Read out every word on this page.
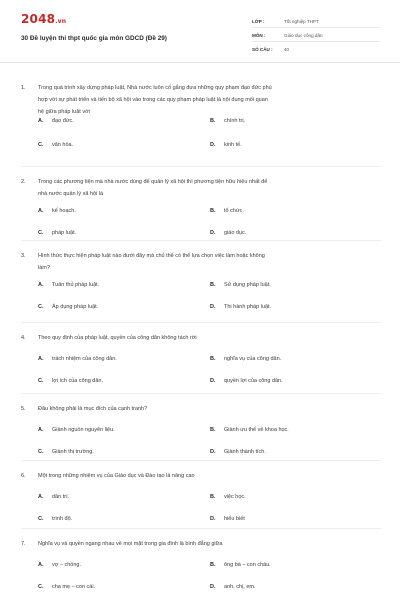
2048.vn
30 Đề luyện thi thpt quốc gia môn GDCD (Đề 29)
LỚP :	Tốt nghiệp THPT
MÔN :	Giáo dục công dân
SỐ CÂU :	40
1.	Trong quá trình xây dựng pháp luật, Nhà nước luôn cố gắng đưa những quy phạm đạo đức phù
hợp với sự phát triển và tiến bộ xã hội vào trong các quy phạm pháp luật là nội dung mối quan
hệ giữa pháp luật với
A. đạo đức.	B. chính trị.
C. văn hóa.	D. kinh tế.
2.	Trong các phương tiện mà nhà nước dùng để quản lý xã hội thì phương tiện hữu hiệu nhất để
nhà nước quản lý xã hội là
A. kế hoạch.	B. tổ chức.
C. pháp luật.	D. giáo dục.
3.	Hình thức thực hiện pháp luật nào dưới đây mà chủ thể có thể lựa chọn việc làm hoặc không
làm?
A. Tuân thủ pháp luật.	B. Sử dụng pháp luật.
C. Áp dụng pháp luật.	D. Thi hành pháp luật.
4.	Theo quy định của pháp luật, quyền của công dân không tách rời
A. trách nhiệm của công dân.	B. nghĩa vụ của công dân.
C. lợi ích của công dân.	D. quyền lợi của công dân.
5.	Đâu không phải là mục đích của cạnh tranh?
A. Giành nguồn nguyên liệu.	B. Giành ưu thế về khoa học.
C. Giành thị trường.	D. Giành thành tích.
6.	Một trong những nhiệm vụ của Giáo dục và Đào tạo là nâng cao
A. dân trí.	B. việc học.
C. trình độ.	D. hiểu biết
7.	Nghĩa vụ và quyền ngang nhau về mọi mặt trong gia đình là bình đẳng giữa
A. vợ – chồng.	B. ông bà – con cháu.
C. cha mẹ – con cái.	D. anh, chị, em.
